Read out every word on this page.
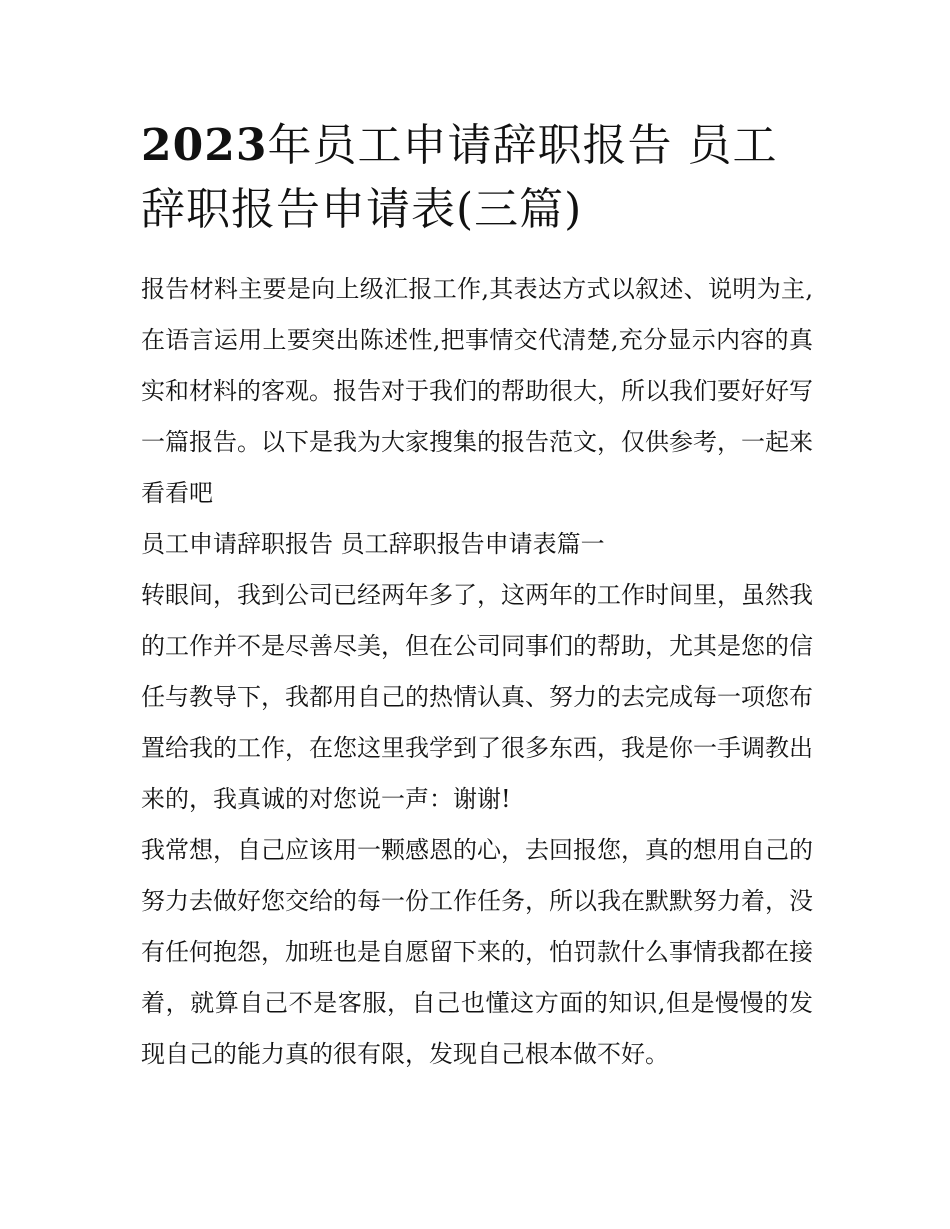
2023年员工申请辞职报告 员工辞职报告申请表(三篇)

报告材料主要是向上级汇报工作,其表达方式以叙述、说明为主,在语言运用上要突出陈述性,把事情交代清楚,充分显示内容的真实和材料的客观。报告对于我们的帮助很大，所以我们要好好写一篇报告。以下是我为大家搜集的报告范文，仅供参考，一起来看看吧

员工申请辞职报告 员工辞职报告申请表篇一

转眼间，我到公司已经两年多了，这两年的工作时间里，虽然我的工作并不是尽善尽美，但在公司同事们的帮助，尤其是您的信任与教导下，我都用自己的热情认真、努力的去完成每一项您布置给我的工作，在您这里我学到了很多东西，我是你一手调教出来的，我真诚的对您说一声：谢谢!

我常想，自己应该用一颗感恩的心，去回报您，真的想用自己的努力去做好您交给的每一份工作任务，所以我在默默努力着，没有任何抱怨，加班也是自愿留下来的，怕罚款什么事情我都在接着，就算自己不是客服，自己也懂这方面的知识,但是慢慢的发现自己的能力真的很有限，发现自己根本做不好。
